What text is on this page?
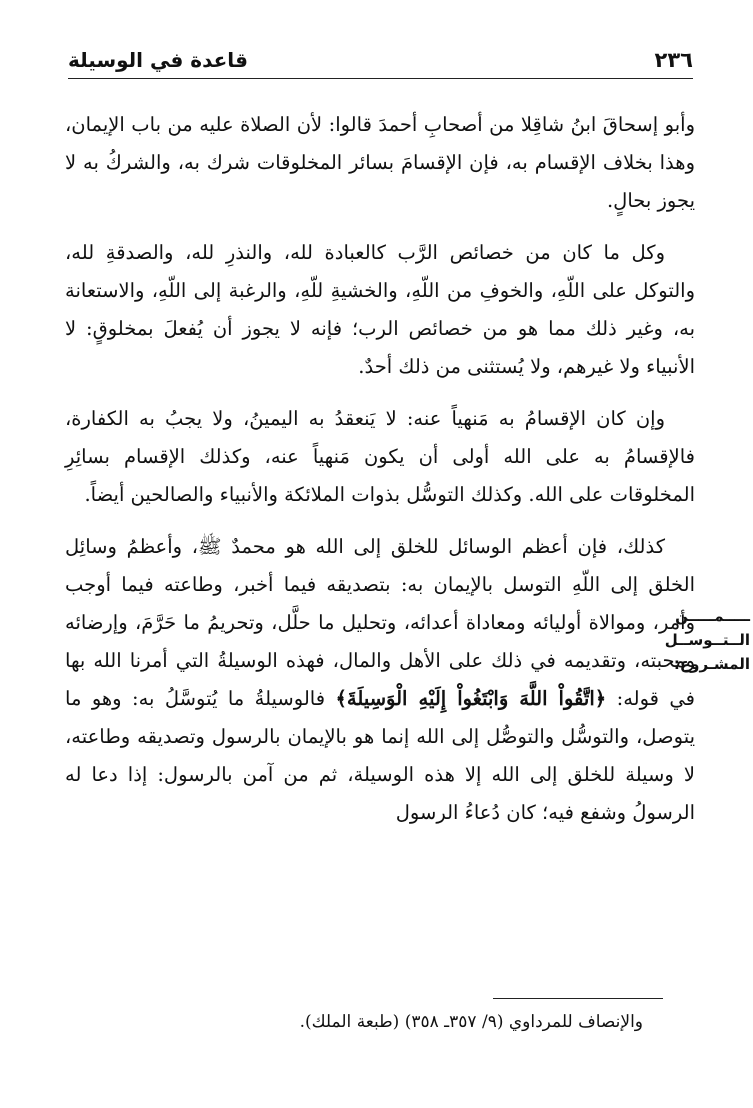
٢٣٦
قاعدة في الوسيلة

وأبو إسحاقَ ابنُ شاقِلا من أصحابِ أحمدَ قالوا: لأن الصلاة عليه من باب الإيمان، وهذا بخلاف الإقسام به، فإن الإقسامَ بسائر المخلوقات شرك به، والشركُ به لا يجوز بحالٍ.

وكل ما كان من خصائص الرَّب كالعبادة لله، والنذرِ لله، والصدقةِ لله، والتوكل على اللّهِ، والخوفِ من اللّهِ، والخشيةِ للّهِ، والرغبة إلى اللّهِ، والاستعانة به، وغير ذلك مما هو من خصائص الرب؛ فإنه لا يجوز أن يُفعلَ بمخلوقٍ: لا الأنبياء ولا غيرهم، ولا يُستثنى من ذلك أحدٌ.

وإن كان الإقسامُ به مَنهياً عنه: لا يَنعقدُ به اليمينُ، ولا يجبُ به الكفارة، فالإقسامُ به على الله أولى أن يكون مَنهياً عنه، وكذلك الإقسام بسائِرِ المخلوقات على الله. وكذلك التوسُّل بذوات الملائكة والأنبياء والصالحين أيضاً.

كذلك، فإن أعظم الوسائل للخلق إلى الله هو محمدٌ ﷺ، وأعظمُ وسائِل الخلق إلى اللّهِ التوسل بالإيمان به: بتصديقه فيما أخبر، وطاعته فيما أوجب وأمر، وموالاة أوليائه ومعاداة أعدائه، وتحليل ما حلَّل، وتحريمُ ما حَرَّمَ، وإرضائه ومحبته، وتقديمه في ذلك على الأهل والمال، فهذه الوسيلةُ التي أمرنا الله بها في قوله: ﴿اتَّقُواْ اللَّهَ وَابْتَغُواْ إِلَيْهِ الْوَسِيلَةَ﴾ فالوسيلةُ ما يُتوسَّلُ به: وهو ما يتوصل، والتوسُّل والتوصُّل إلى الله إنما هو بالإيمان بالرسول وتصديقه وطاعته، لا وسيلة للخلق إلى الله إلا هذه الوسيلة، ثم من آمن بالرسول: إذا دعا له الرسولُ وشفع فيه؛ كان دُعاءُ الرسول

ـــــمـــــن
الــتــوســل
المشـروع:
والإنصاف للمرداوي (٩/ ٣٥٧ـ ٣٥٨) (طبعة الملك).
